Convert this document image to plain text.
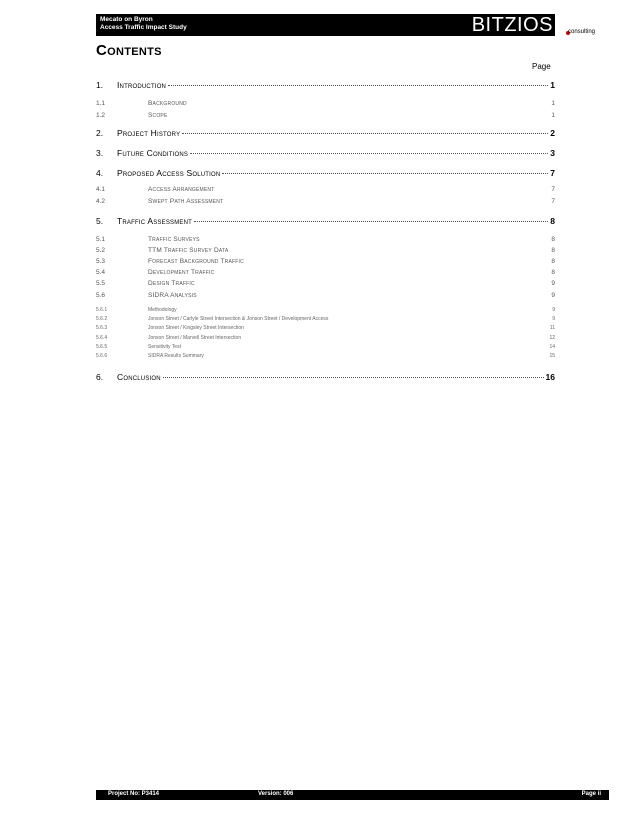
Mecato on Byron
Access Traffic Impact Study	BITZIOS	consulting
Contents
Page
1.	Introduction	1
1.1	Background	1
1.2	Scope	1
2.	Project History	2
3.	Future Conditions	3
4.	Proposed Access Solution	7
4.1	Access Arrangement	7
4.2	Swept Path Assessment	7
5.	Traffic Assessment	8
5.1	Traffic Surveys	8
5.2	TTM Traffic Survey Data	8
5.3	Forecast Background Traffic	8
5.4	Development Traffic	8
5.5	Design Traffic	9
5.6	SIDRA Analysis	9
5.6.1	Methodology	9
5.6.2	Jonson Street / Carlyle Street Intersection & Jonson Street / Development Access	9
5.6.3	Jonson Street / Kingsley Street Intersection	11
5.6.4	Jonson Street / Marvell Street Intersection	12
5.6.5	Sensitivity Test	14
5.6.6	SIDRA Results Summary	15
6.	Conclusion	16
Project No: P3414	Version: 006	Page ii
